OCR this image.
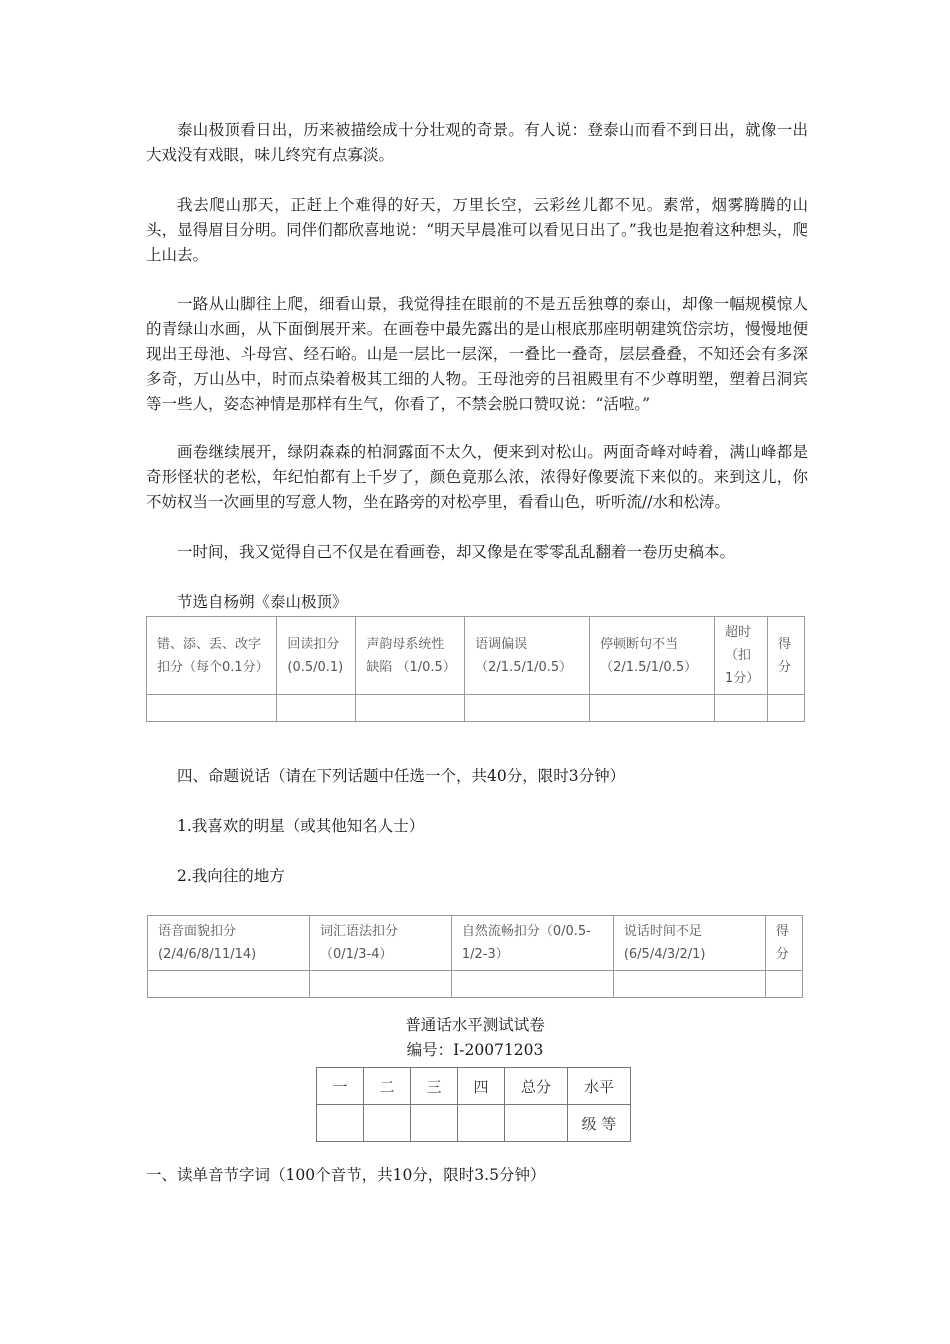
泰山极顶看日出，历来被描绘成十分壮观的奇景。有人说：登泰山而看不到日出，就像一出大戏没有戏眼，味儿终究有点寡淡。

我去爬山那天，正赶上个难得的好天，万里长空，云彩丝儿都不见。素常，烟雾腾腾的山头，显得眉目分明。同伴们都欣喜地说：“明天早晨准可以看见日出了。”我也是抱着这种想头，爬上山去。

一路从山脚往上爬，细看山景，我觉得挂在眼前的不是五岳独尊的泰山，却像一幅规模惊人的青绿山水画，从下面倒展开来。在画卷中最先露出的是山根底那座明朝建筑岱宗坊，慢慢地便现出王母池、斗母宫、经石峪。山是一层比一层深，一叠比一叠奇，层层叠叠，不知还会有多深多奇，万山丛中，时而点染着极其工细的人物。王母池旁的吕祖殿里有不少尊明塑，塑着吕洞宾等一些人，姿态神情是那样有生气，你看了，不禁会脱口赞叹说：“活啦。”

画卷继续展开，绿阴森森的柏洞露面不太久，便来到对松山。两面奇峰对峙着，满山峰都是奇形怪状的老松，年纪怕都有上千岁了，颜色竟那么浓，浓得好像要流下来似的。来到这儿，你不妨权当一次画里的写意人物，坐在路旁的对松亭里，看看山色，听听流//水和松涛。

一时间，我又觉得自己不仅是在看画卷，却又像是在零零乱乱翻着一卷历史稿本。

节选自杨朔《泰山极顶》

错、添、丢、改字扣分（每个0.1分）	回读扣分(0.5/0.1)	声韵母系统性缺陷 （1/0.5）	语调偏误 （2/1.5/1/0.5）	停顿断句不当 （2/1.5/1/0.5）	超时（扣1分）	得分

四、命题说话（请在下列话题中任选一个，共40分，限时3分钟）

1.我喜欢的明星（或其他知名人士）

2.我向往的地方

语音面貌扣分(2/4/6/8/11/14)	词汇语法扣分 （0/1/3-4）	自然流畅扣分（0/0.5-1/2-3）	说话时间不足(6/5/4/3/2/1)	得分

普通话水平测试试卷

编号：I-20071203

一	二	三	四	总分	水平
					级 等

一、读单音节字词（100个音节，共10分，限时3.5分钟）
